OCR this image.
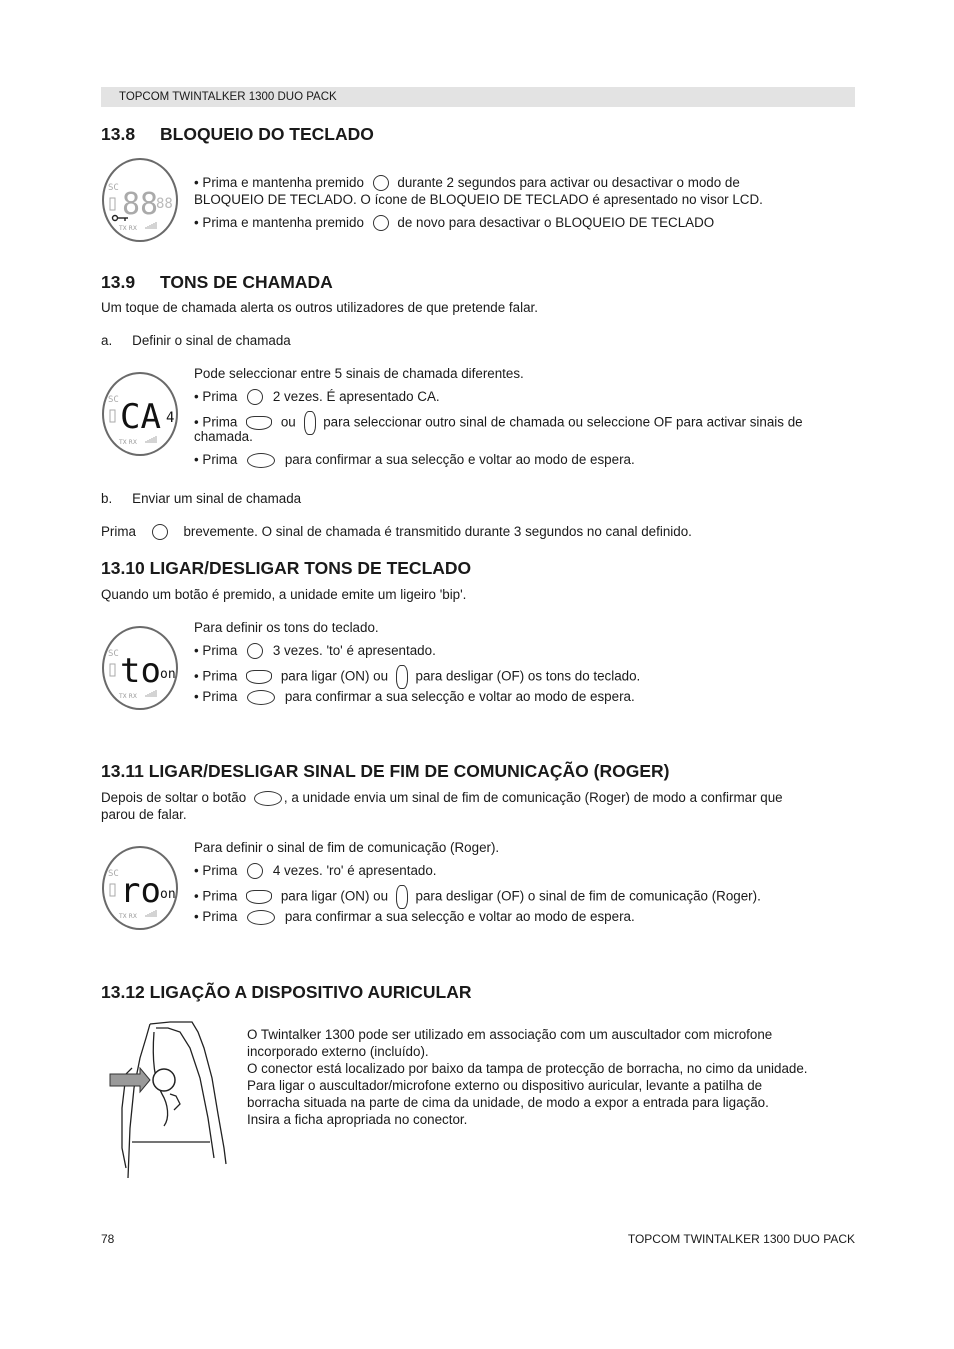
TOPCOM TWINTALKER 1300 DUO PACK
13.8 BLOQUEIO DO TECLADO
SC 88
88
TX RX
• Prima e mantenha premido durante 2 segundos para activar ou desactivar o modo de
BLOQUEIO DE TECLADO. O ícone de BLOQUEIO DE TECLADO é apresentado no visor LCD.
• Prima e mantenha premido de novo para desactivar o BLOQUEIO DE TECLADO
13.9 TONS DE CHAMADA
Um toque de chamada alerta os outros utilizadores de que pretende falar.
a. Definir o sinal de chamada
SC CA 4
TX RX
Pode seleccionar entre 5 sinais de chamada diferentes.
• Prima	2 vezes. É apresentado CA.
• Prima	ou para seleccionar outro sinal de chamada ou seleccione OF para activar sinais de
chamada.
• Prima	para confirmar a sua selecção e voltar ao modo de espera.
b. Enviar um sinal de chamada
Prima	brevemente. O sinal de chamada é transmitido durante 3 segundos no canal definido.
13.10 LIGAR/DESLIGAR TONS DE TECLADO
Quando um botão é premido, a unidade emite um ligeiro 'bip'.
SC to on
TX RX
Para definir os tons do teclado.
• Prima	3 vezes. 'to' é apresentado.
• Prima	para ligar (ON) ou para desligar (OF) os tons do teclado.
• Prima	para confirmar a sua selecção e voltar ao modo de espera.
13.11 LIGAR/DESLIGAR SINAL DE FIM DE COMUNICAÇÃO (ROGER)
Depois de soltar o botão	, a unidade envia um sinal de fim de comunicação (Roger) de modo a confirmar que
parou de falar.
SC ro on
TX RX
Para definir o sinal de fim de comunicação (Roger).
• Prima	4 vezes. 'ro' é apresentado.
• Prima	para ligar (ON) ou para desligar (OF) o sinal de fim de comunicação (Roger).
• Prima	para confirmar a sua selecção e voltar ao modo de espera.
13.12 LIGAÇÃO A DISPOSITIVO AURICULAR
O Twintalker 1300 pode ser utilizado em associação com um auscultador com microfone
incorporado externo (incluído).
O conector está localizado por baixo da tampa de protecção de borracha, no cimo da unidade.
Para ligar o auscultador/microfone externo ou dispositivo auricular, levante a patilha de
borracha situada na parte de cima da unidade, de modo a expor a entrada para ligação.
Insira a ficha apropriada no conector.
78	TOPCOM TWINTALKER 1300 DUO PACK
